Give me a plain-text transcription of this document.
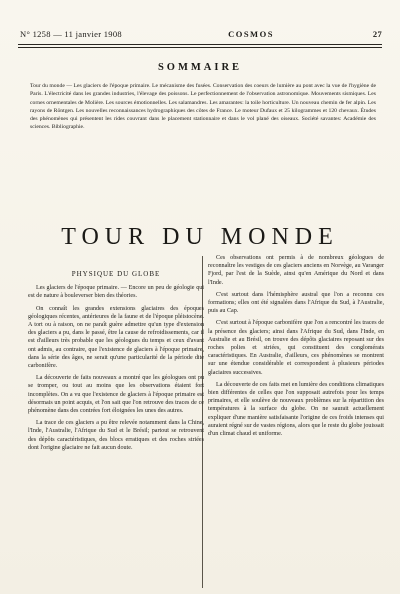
N° 1258 — 11 janvier 1908	COSMOS	27
SOMMAIRE
Tour du monde — Les glaciers de l'époque primaire. Le mécanisme des fusées. Conservation des coeurs de lumière au pont avec la vue de l'hygiène de Paris. L'électricité dans les grandes industries, l'élevage des poissons. Le perfectionnement de l'observation astronomique. Mouvements sismiques. Les cornes ornementales de Molière. Les sources émotionnelles. Les salamandres. Les amarantes: la toile horticulture. Un nouveau chemin de fer alpin. Les rayons de Röntgen. Les nouvelles reconnaissances hydrographiques des côtes de France. Le moteur Dufaux et 25 kilogrammes et 120 chevaux. Études des phénomènes qui présentent les rides couvrant dans le placement stationnaire et dans le vol plané des oiseaux. Société savantes: Académie des sciences. Bibliographie.
TOUR DU MONDE
PHYSIQUE DU GLOBE

Les glaciers de l'époque primaire. — Encore un peu de géologie qui est de nature à bouleverser bien des théories.

On connaît les grandes extensions glaciaires des époques géologiques récentes, antérieures de la faune et de l'époque pléistocène. A tort ou à raison, on ne paraît guère admettre qu'un type d'extension des glaciers a pu, dans le passé, être la cause de refroidissements, car il est d'ailleurs très probable que les géologues du temps et ceux d'avant ont admis, au contraire, que l'existence de glaciers à l'époque primaire, dans la série des âges, ne serait qu'une particularité de la période dite carbonifère.

La découverte de faits nouveaux a montré que les géologues ont pu se tromper, ou tout au moins que les observations étaient fort incomplètes. On a vu que l'existence de glaciers à l'époque primaire est désormais un point acquis, et l'on sait que l'on retrouve des traces de ce phénomène dans des contrées fort éloignées les unes des autres.

La trace de ces glaciers a pu être relevée notamment dans la Chine, l'Inde, l'Australie, l'Afrique du Sud et le Brésil; partout se retrouvent des dépôts caractéristiques, des blocs erratiques et des roches striées dont l'origine glaciaire ne fait aucun doute.

Ces observations ont permis à de nombreux géologues de reconnaître les vestiges de ces glaciers anciens en Norvège, au Varanger Fjord, par l'est de la Suède, ainsi qu'en Amérique du Nord et dans l'Inde.

C'est surtout dans l'hémisphère austral que l'on a reconnu ces formations; elles ont été signalées dans l'Afrique du Sud, à l'Australie, puis au Cap.

C'est surtout à l'époque carbonifère que l'on a rencontré les traces de la présence des glaciers; ainsi dans l'Afrique du Sud, dans l'Inde, en Australie et au Brésil, on trouve des dépôts glaciaires reposant sur des roches polies et striées, qui constituent des conglomérats caractéristiques. En Australie, d'ailleurs, ces phénomènes se montrent sur une étendue considérable et correspondent à plusieurs périodes glaciaires successives.

La découverte de ces faits met en lumière des conditions climatiques bien différentes de celles que l'on supposait autrefois pour les temps primaires, et elle soulève de nouveaux problèmes sur la répartition des températures à la surface du globe. On ne saurait actuellement expliquer d'une manière satisfaisante l'origine de ces froids intenses qui auraient régné sur de vastes régions, alors que le reste du globe jouissait d'un climat chaud et uniforme.
